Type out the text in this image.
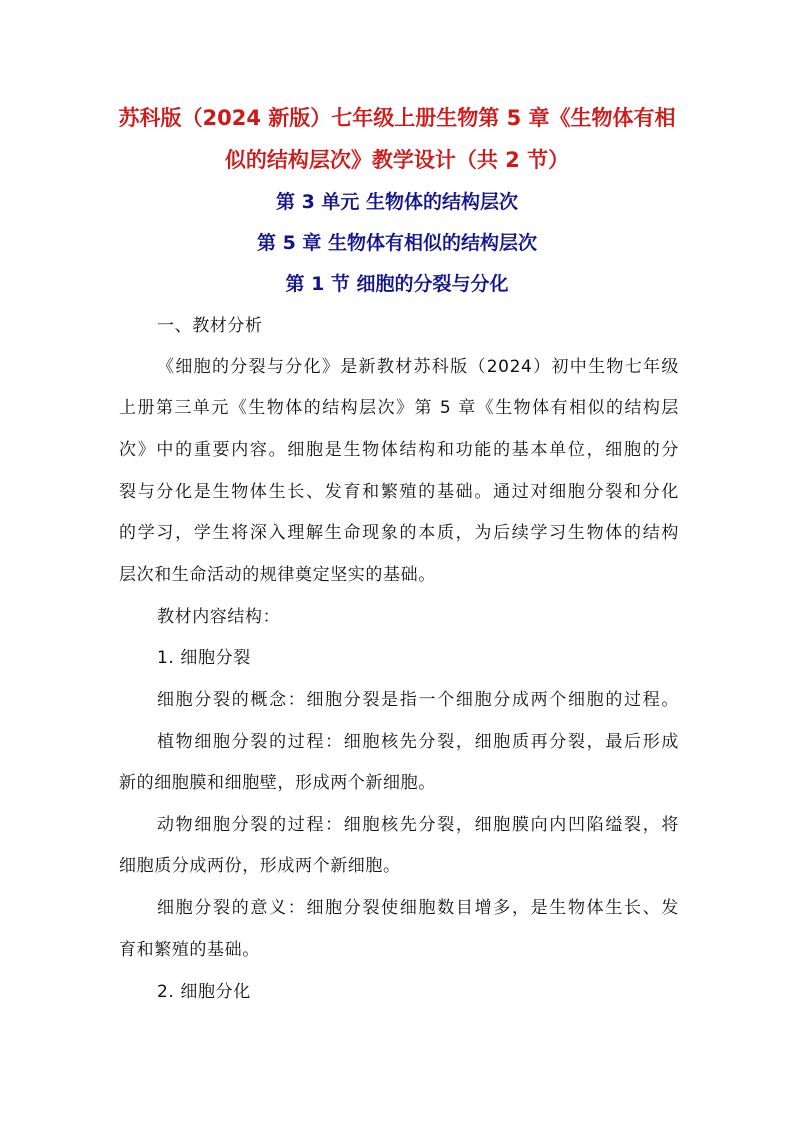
苏科版（2024 新版）七年级上册生物第 5 章《生物体有相
似的结构层次》教学设计（共 2 节）
第 3 单元 生物体的结构层次
第 5 章 生物体有相似的结构层次
第 1 节 细胞的分裂与分化
一、教材分析
《细胞的分裂与分化》是新教材苏科版（2024）初中生物七年级
上册第三单元《生物体的结构层次》第 5 章《生物体有相似的结构层
次》中的重要内容。细胞是生物体结构和功能的基本单位，细胞的分
裂与分化是生物体生长、发育和繁殖的基础。通过对细胞分裂和分化
的学习，学生将深入理解生命现象的本质，为后续学习生物体的结构
层次和生命活动的规律奠定坚实的基础。
教材内容结构：
1. 细胞分裂
细胞分裂的概念：细胞分裂是指一个细胞分成两个细胞的过程。
植物细胞分裂的过程：细胞核先分裂，细胞质再分裂，最后形成
新的细胞膜和细胞壁，形成两个新细胞。
动物细胞分裂的过程：细胞核先分裂，细胞膜向内凹陷缢裂，将
细胞质分成两份，形成两个新细胞。
细胞分裂的意义：细胞分裂使细胞数目增多，是生物体生长、发
育和繁殖的基础。
2. 细胞分化
